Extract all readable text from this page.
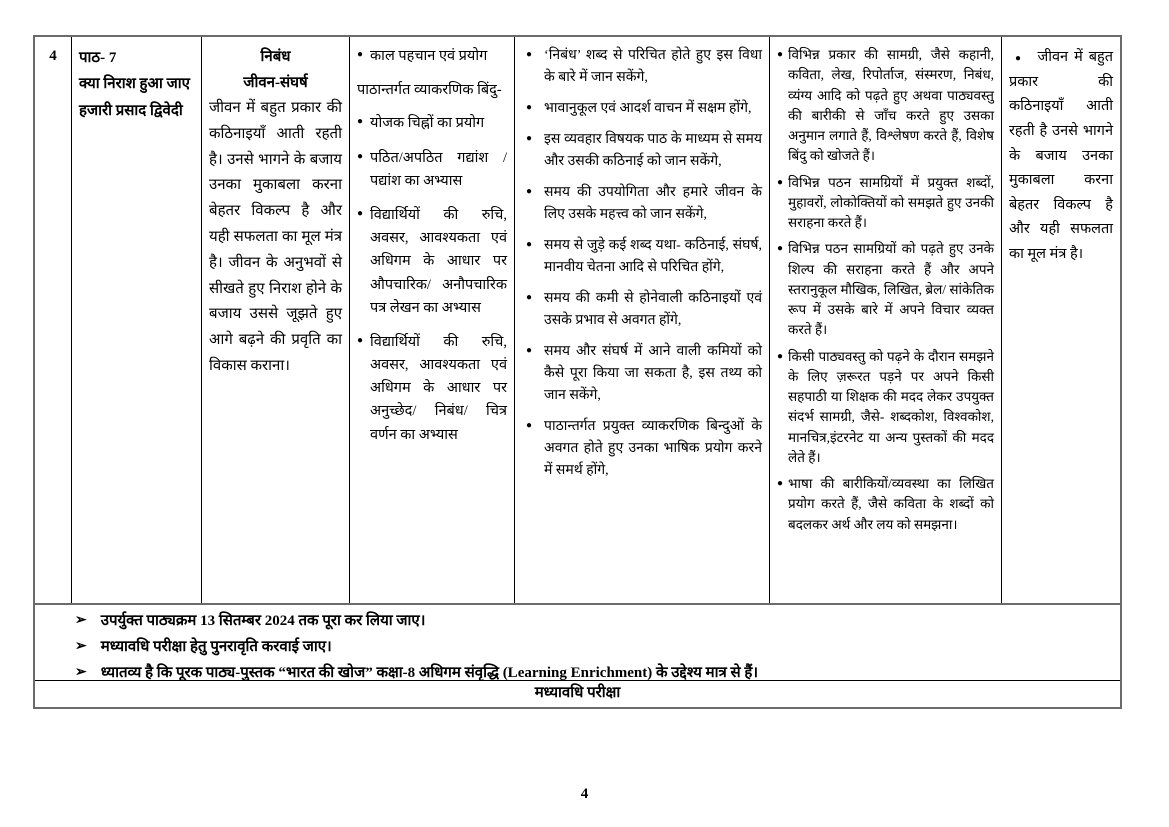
4	पाठ- 7
क्या निराश हुआ जाए
हजारी प्रसाद द्विवेदी
निबंध
जीवन-संघर्ष
जीवन में बहुत प्रकार की कठिनाइयाँ आती रहती है। उनसे भागने के बजाय उनका मुकाबला करना बेहतर विकल्प है और यही सफलता का मूल मंत्र है। जीवन के अनुभवों से सीखते हुए निराश होने के बजाय उससे जूझते हुए आगे बढ़ने की प्रवृति का विकास कराना।
● काल पहचान एवं प्रयोग
पाठान्तर्गत व्याकरणिक बिंदु-
● योजक चिह्नों का प्रयोग
● पठित/अपठित गद्यांश / पद्यांश का अभ्यास
● विद्यार्थियों की रुचि, अवसर, आवश्यकता एवं अधिगम के आधार पर औपचारिक/ अनौपचारिक पत्र लेखन का अभ्यास
● विद्यार्थियों की रुचि, अवसर, आवश्यकता एवं अधिगम के आधार पर अनुच्छेद/ निबंध/ चित्र वर्णन का अभ्यास
● ‘निबंध’ शब्द से परिचित होते हुए इस विधा के बारे में जान सकेंगे,
● भावानुकूल एवं आदर्श वाचन में सक्षम होंगे,
● इस व्यवहार विषयक पाठ के माध्यम से समय और उसकी कठिनाई को जान सकेंगे,
● समय की उपयोगिता और हमारे जीवन के लिए उसके महत्त्व को जान सकेंगे,
● समय से जुड़े कई शब्द यथा- कठिनाई, संघर्ष, मानवीय चेतना आदि से परिचित होंगे,
● समय की कमी से होनेवाली कठिनाइयों एवं उसके प्रभाव से अवगत होंगे,
● समय और संघर्ष में आने वाली कमियों को कैसे पूरा किया जा सकता है, इस तथ्य को जान सकेंगे,
● पाठान्तर्गत प्रयुक्त व्याकरणिक बिन्दुओं के अवगत होते हुए उनका भाषिक प्रयोग करने में समर्थ होंगे,
● विभिन्न प्रकार की सामग्री, जैसे कहानी, कविता, लेख, रिपोर्ताज, संस्मरण, निबंध, व्यंग्य आदि को पढ़ते हुए अथवा पाठ्यवस्तु की बारीकी से जाँच करते हुए उसका अनुमान लगाते हैं, विश्लेषण करते हैं, विशेष बिंदु को खोजते हैं।
● विभिन्न पठन सामग्रियों में प्रयुक्त शब्दों, मुहावरों, लोकोक्तियों को समझते हुए उनकी सराहना करते हैं।
● विभिन्न पठन सामग्रियों को पढ़ते हुए उनके शिल्प की सराहना करते हैं और अपने स्तरानुकूल मौखिक, लिखित, ब्रेल/ सांकेतिक रूप में उसके बारे में अपने विचार व्यक्त करते हैं।
● किसी पाठ्यवस्तु को पढ़ने के दौरान समझने के लिए ज़रूरत पड़ने पर अपने किसी सहपाठी या शिक्षक की मदद लेकर उपयुक्त संदर्भ सामग्री, जैसे- शब्दकोश, विश्वकोश, मानचित्र,इंटरनेट या अन्य पुस्तकों की मदद लेते हैं।
● भाषा की बारीकियों/व्यवस्था का लिखित प्रयोग करते हैं, जैसे कविता के शब्दों को बदलकर अर्थ और लय को समझना।
● जीवन में बहुत प्रकार की कठिनाइयाँ आती रहती है उनसे भागने के बजाय उनका मुकाबला करना बेहतर विकल्प है और यही सफलता का मूल मंत्र है।
➢ उपर्युक्त पाठ्यक्रम 13 सितम्बर 2024 तक पूरा कर लिया जाए।
➢ मध्यावधि परीक्षा हेतु पुनरावृति करवाई जाए।
➢ ध्यातव्य है कि पूरक पाठ्य-पुस्तक “भारत की खोज” कक्षा-8 अधिगम संवृद्धि (Learning Enrichment) के उद्देश्य मात्र से हैं।
मध्यावधि परीक्षा
4
